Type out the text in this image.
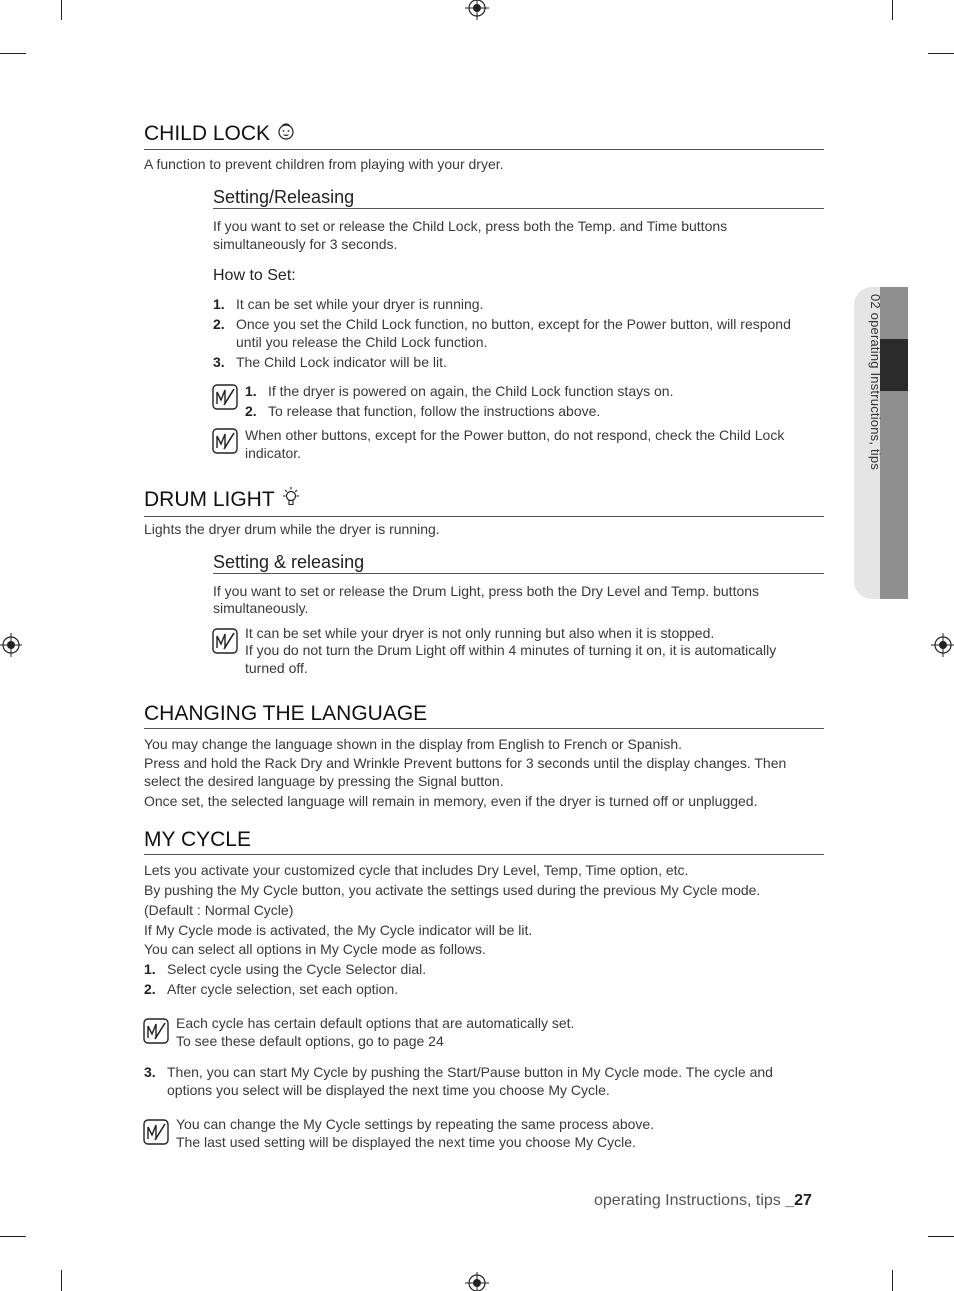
02 operating Instructions, tips
CHILD LOCK
A function to prevent children from playing with your dryer.
Setting/Releasing
If you want to set or release the Child Lock, press both the Temp. and Time buttons
simultaneously for 3 seconds.
How to Set:
1. It can be set while your dryer is running.
2. Once you set the Child Lock function, no button, except for the Power button, will respond
until you release the Child Lock function.
3. The Child Lock indicator will be lit.
1. If the dryer is powered on again, the Child Lock function stays on.
2. To release that function, follow the instructions above.
When other buttons, except for the Power button, do not respond, check the Child Lock
indicator.
DRUM LIGHT
Lights the dryer drum while the dryer is running.
Setting & releasing
If you want to set or release the Drum Light, press both the Dry Level and Temp. buttons
simultaneously.
It can be set while your dryer is not only running but also when it is stopped.
If you do not turn the Drum Light off within 4 minutes of turning it on, it is automatically
turned off.
CHANGING THE LANGUAGE
You may change the language shown in the display from English to French or Spanish.
Press and hold the Rack Dry and Wrinkle Prevent buttons for 3 seconds until the display changes. Then
select the desired language by pressing the Signal button.
Once set, the selected language will remain in memory, even if the dryer is turned off or unplugged.
MY CYCLE
Lets you activate your customized cycle that includes Dry Level, Temp, Time option, etc.
By pushing the My Cycle button, you activate the settings used during the previous My Cycle mode.
(Default : Normal Cycle)
If My Cycle mode is activated, the My Cycle indicator will be lit.
You can select all options in My Cycle mode as follows.
1. Select cycle using the Cycle Selector dial.
2. After cycle selection, set each option.
Each cycle has certain default options that are automatically set.
To see these default options, go to page 24
3. Then, you can start My Cycle by pushing the Start/Pause button in My Cycle mode. The cycle and
options you select will be displayed the next time you choose My Cycle.
You can change the My Cycle settings by repeating the same process above.
The last used setting will be displayed the next time you choose My Cycle.
operating Instructions, tips _27
